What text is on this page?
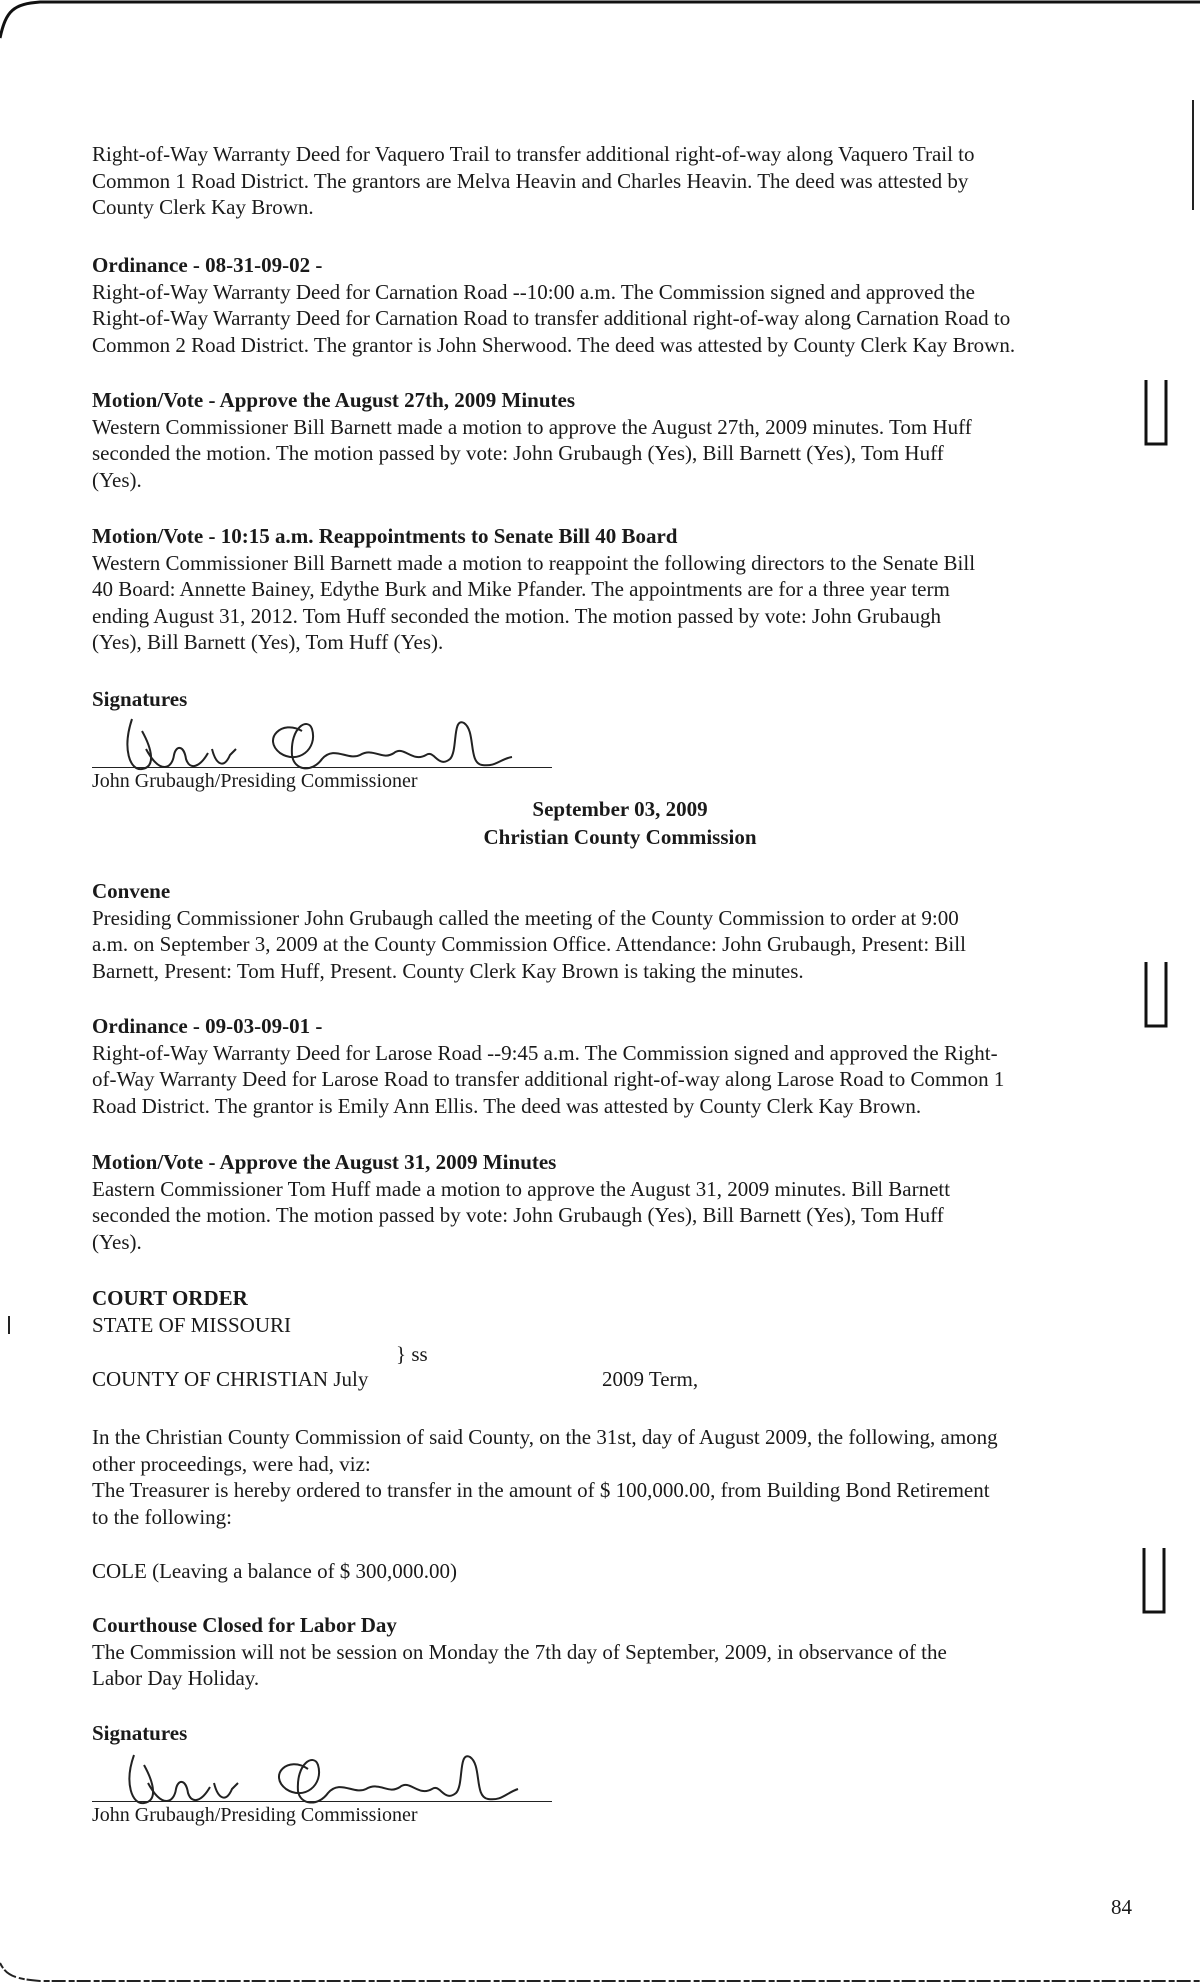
Right-of-Way Warranty Deed for Vaquero Trail to transfer additional right-of-way along Vaquero Trail to
Common 1 Road District. The grantors are Melva Heavin and Charles Heavin. The deed was attested by
County Clerk Kay Brown.
Ordinance - 08-31-09-02 -
Right-of-Way Warranty Deed for Carnation Road --10:00 a.m. The Commission signed and approved the
Right-of-Way Warranty Deed for Carnation Road to transfer additional right-of-way along Carnation Road to
Common 2 Road District. The grantor is John Sherwood. The deed was attested by County Clerk Kay Brown.
Motion/Vote - Approve the August 27th, 2009 Minutes
Western Commissioner Bill Barnett made a motion to approve the August 27th, 2009 minutes. Tom Huff
seconded the motion. The motion passed by vote: John Grubaugh (Yes), Bill Barnett (Yes), Tom Huff
(Yes).
Motion/Vote - 10:15 a.m. Reappointments to Senate Bill 40 Board
Western Commissioner Bill Barnett made a motion to reappoint the following directors to the Senate Bill
40 Board: Annette Bainey, Edythe Burk and Mike Pfander. The appointments are for a three year term
ending August 31, 2012. Tom Huff seconded the motion. The motion passed by vote: John Grubaugh
(Yes), Bill Barnett (Yes), Tom Huff (Yes).
Signatures
John Grubaugh/Presiding Commissioner
September 03, 2009
Christian County Commission
Convene
Presiding Commissioner John Grubaugh called the meeting of the County Commission to order at 9:00
a.m. on September 3, 2009 at the County Commission Office. Attendance: John Grubaugh, Present: Bill
Barnett, Present: Tom Huff, Present. County Clerk Kay Brown is taking the minutes.
Ordinance - 09-03-09-01 -
Right-of-Way Warranty Deed for Larose Road --9:45 a.m. The Commission signed and approved the Right-
of-Way Warranty Deed for Larose Road to transfer additional right-of-way along Larose Road to Common 1
Road District. The grantor is Emily Ann Ellis. The deed was attested by County Clerk Kay Brown.
Motion/Vote - Approve the August 31, 2009 Minutes
Eastern Commissioner Tom Huff made a motion to approve the August 31, 2009 minutes. Bill Barnett
seconded the motion. The motion passed by vote: John Grubaugh (Yes), Bill Barnett (Yes), Tom Huff
(Yes).
COURT ORDER
STATE OF MISSOURI
} ss
COUNTY OF CHRISTIAN July	2009 Term,
In the Christian County Commission of said County, on the 31st, day of August 2009, the following, among
other proceedings, were had, viz:
The Treasurer is hereby ordered to transfer in the amount of $ 100,000.00, from Building Bond Retirement
to the following:
COLE (Leaving a balance of $ 300,000.00)
Courthouse Closed for Labor Day
The Commission will not be session on Monday the 7th day of September, 2009, in observance of the
Labor Day Holiday.
Signatures
John Grubaugh/Presiding Commissioner
84
